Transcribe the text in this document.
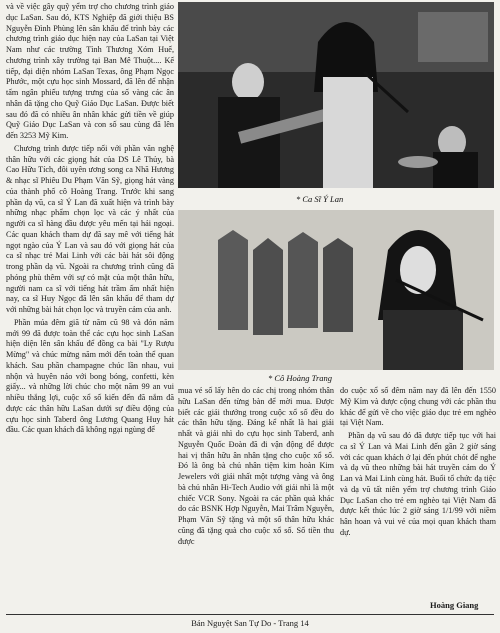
và về việc gây quỹ yểm trợ cho chương trình giáo dục LaSan. Sau đó, KTS Nghiệp đã giới thiệu BS Nguyễn Đình Phùng lên sân khấu để trình bày các chương trình giáo dục hiện nay của LaSan tại Việt Nam như các trường Tình Thương Xóm Huế, chương trình xây trường tại Ban Mê Thuột.... Kế tiếp, đại diện nhóm LaSan Texas, ông Phạm Ngọc Phước, một cựu học sinh Mossard, đã lên để nhận tấm ngân phiếu tượng trưng của số vàng các ân nhân đã tặng cho Quỹ Giáo Dục LaSan. Được biết sau đó đã có nhiều ân nhân khác gửi tiền về giúp Quỹ Giáo Dục LaSan và con số sau cùng đã lên đến 3253 Mỹ Kim.

Chương trình được tiếp nối với phần văn nghệ thân hữu với các giọng hát của DS Lê Thủy, bà Cao Hữu Tích, đôi uyên ương song ca Nhã Hương & nhạc sĩ Phiêu Du Phạm Văn Sỹ, giọng hát vàng của thành phố cô Hoàng Trang. Trước khi sang phần dạ vũ, ca sĩ Ý Lan đã xuất hiện và trình bày những nhạc phẩm chọn lọc và các ý nhất của người ca sĩ hàng đầu được yêu mến tại hải ngoại. Các quan khách tham dự đã say mê với tiếng hát ngọt ngào của Ý Lan và sau đó với giọng hát của ca sĩ nhạc trẻ Mai Linh với các bài hát sôi động trong phần dạ vũ. Ngoài ra chương trình cũng đã phóng phù thêm với sự có mặt của một thân hữu, người nam ca sĩ với tiếng hát trầm ấm nhất hiện nay, ca sĩ Huy Ngọc đã lên sân khấu để tham dự với những bài hát chọn lọc và truyền cảm của anh.

Phần múa đêm giã từ năm cũ 98 và đón năm mới 99 đã được toàn thể các cựu học sinh LaSan hiện diện lên sân khấu để đồng ca bài "Ly Rượu Mừng" và chúc mừng năm mới đến toàn thể quan khách. Sau phần champagne chúc lần nhau, vui nhộn và huyên náo với bong bóng, confetti, kèn giấy... và những lời chúc cho một năm 99 an vui nhiều thắng lợi, cuộc xổ số kiến đến đã nắm đã được các thân hữu LaSan dưới sự điều động của cựu học sinh Taberd ông Lương Quang Huy hát đầu. Các quan khách đã không ngại ngùng để

* Ca Sĩ Ý Lan
* Cô Hoàng Trang

mua vé số lấy hên do các chị trong nhóm thân hữu LaSan đến từng bàn để mời mua. Được biết các giải thưởng trong cuộc xổ số đều do các thân hữu tặng. Đáng kể nhất là hai giải nhất và giải nhì do cựu học sinh Taberd, anh Nguyễn Quốc Đoàn đã đi vận động để được hai vị thân hữu ân nhân tặng cho cuộc xổ số. Đó là ông bà chủ nhân tiệm kim hoàn Kim Jewelers với giải nhất một tượng vàng và ông bà chủ nhân Hi-Tech Audio với giải nhì là một chiếc VCR Sony. Ngoài ra các phần quà khác do các BSNK Hợp Nguyễn, Mai Trâm Nguyễn, Phạm Văn Sỹ tặng và một số thân hữu khác cũng đã tặng quà cho cuộc xổ số. Số tiền thu được

do cuộc xổ số đêm năm nay đã lên đến 1550 Mỹ Kim và được cộng chung với các phần thu khác để gửi về cho việc giáo dục trẻ em nghèo tại Việt Nam.

Phần dạ vũ sau đó đã được tiếp tục với hai ca sĩ Ý Lan và Mai Linh đến gần 2 giờ sáng với các quan khách ở lại đến phút chót để nghe và dạ vũ theo những bài hát truyền cảm do Ý Lan và Mai Linh cùng hát. Buổi tổ chức đạ tiệc và dạ vũ tất niên yểm trợ chương trình Giáo Dục LaSan cho trẻ em nghèo tại Việt Nam đã được kết thúc lúc 2 giờ sáng 1/1/99 với niềm hân hoan và vui vẻ của mọi quan khách tham dự.

Hoàng Giang
Bán Nguyệt San Tự Do - Trang 14
